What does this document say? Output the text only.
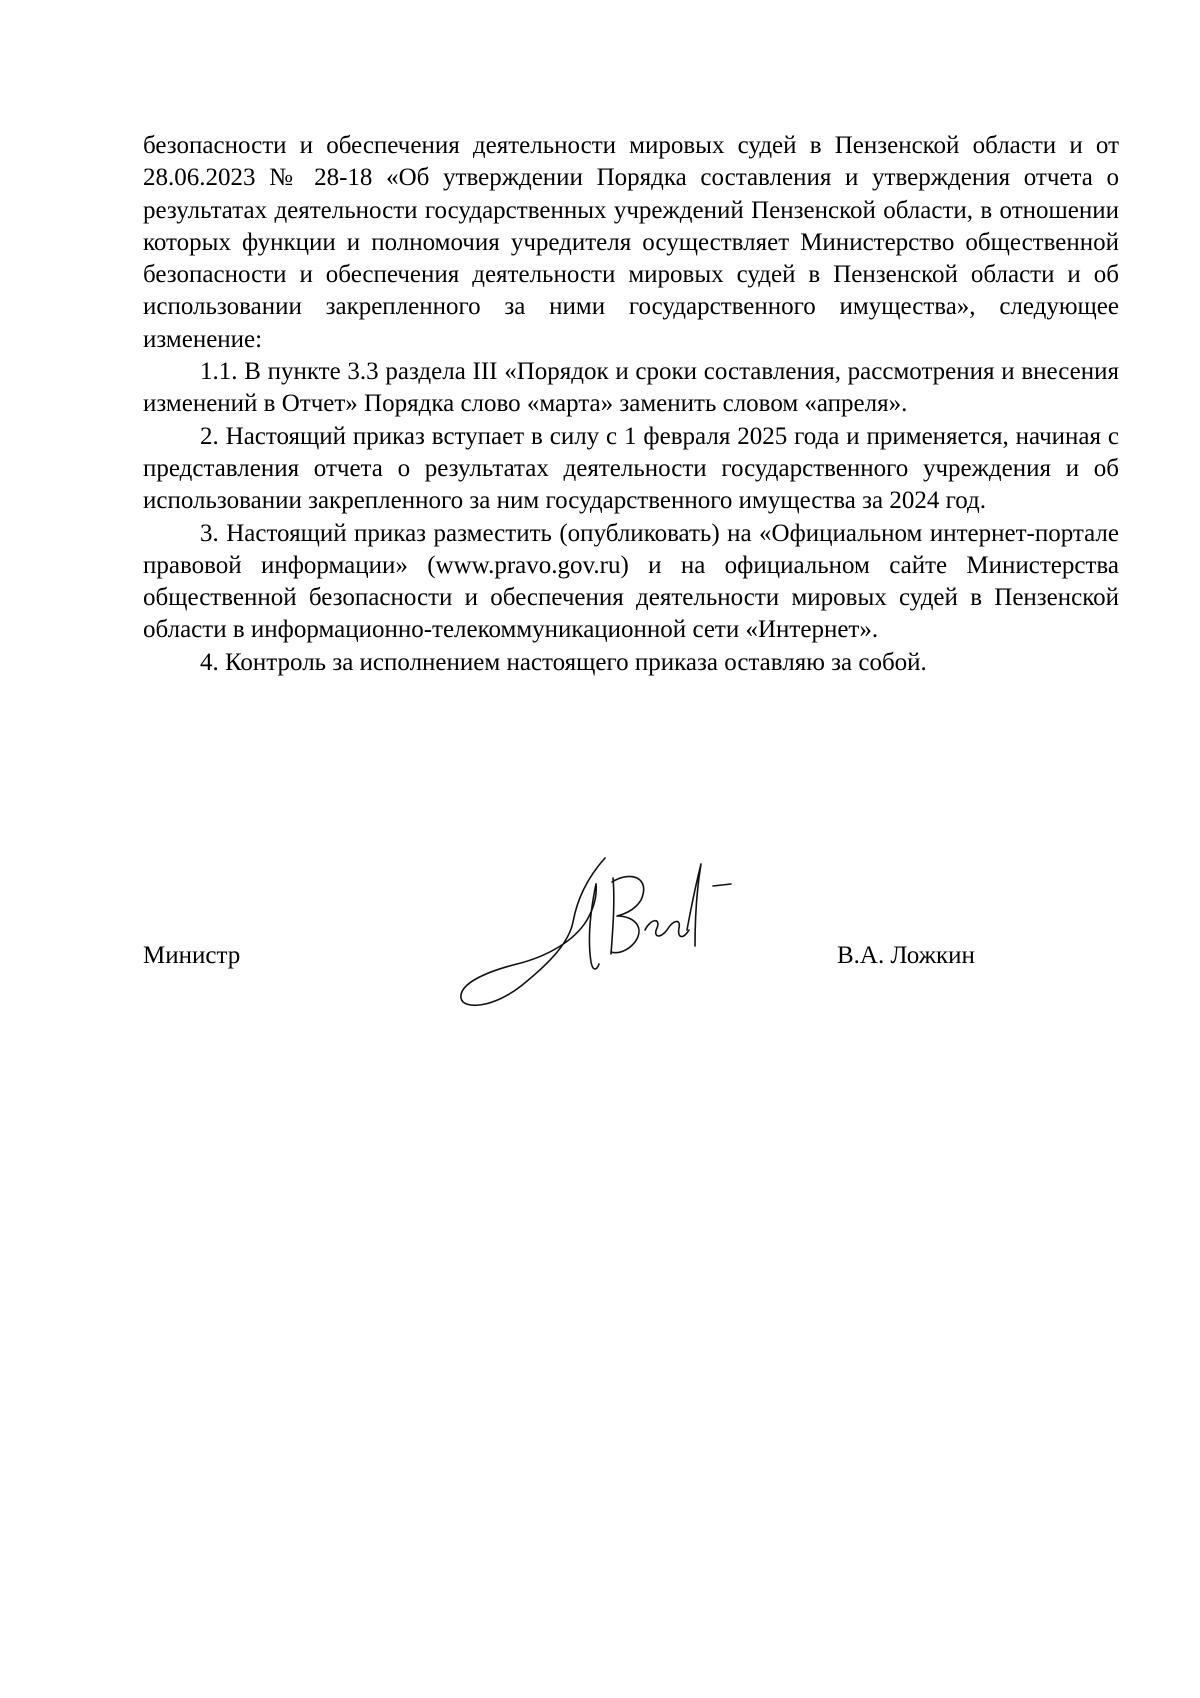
безопасности и обеспечения деятельности мировых судей в Пензенской области и от 28.06.2023 № 28-18 «Об утверждении Порядка составления и утверждения отчета о результатах деятельности государственных учреждений Пензенской области, в отношении которых функции и полномочия учредителя осуществляет Министерство общественной безопасности и обеспечения деятельности мировых судей в Пензенской области и об использовании закрепленного за ними государственного имущества», следующее изменение:

1.1. В пункте 3.3 раздела III «Порядок и сроки составления, рассмотрения и внесения изменений в Отчет» Порядка слово «марта» заменить словом «апреля».

2. Настоящий приказ вступает в силу с 1 февраля 2025 года и применяется, начиная с представления отчета о результатах деятельности государственного учреждения и об использовании закрепленного за ним государственного имущества за 2024 год.

3. Настоящий приказ разместить (опубликовать) на «Официальном интернет-портале правовой информации» (www.pravo.gov.ru) и на официальном сайте Министерства общественной безопасности и обеспечения деятельности мировых судей в Пензенской области в информационно-телекоммуникационной сети «Интернет».

4. Контроль за исполнением настоящего приказа оставляю за собой.

Министр	В.А. Ложкин
